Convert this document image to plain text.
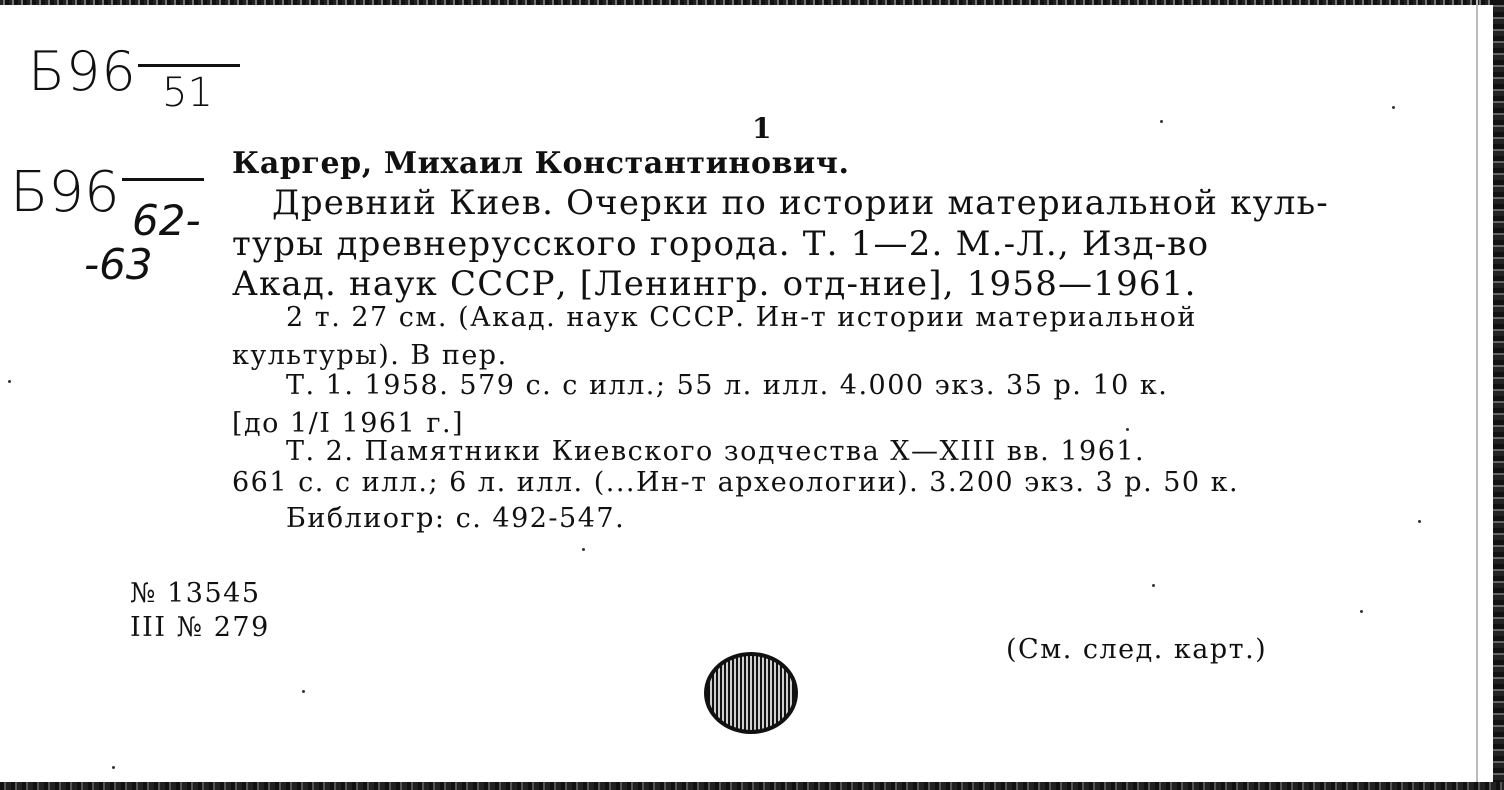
Б96 51
Б96 62-
-63
1
Каргер, Михаил Константинович.
Древний Киев. Очерки по истории материальной куль-
туры древнерусского города. Т. 1—2. М.-Л., Изд-во
Акад. наук СССР, [Ленингр. отд-ние], 1958—1961.
2 т. 27 см. (Акад. наук СССР. Ин-т истории материальной
культуры). В пер.
Т. 1. 1958. 579 с. с илл.; 55 л. илл. 4.000 экз. 35 р. 10 к.
[до 1/I 1961 г.]
Т. 2. Памятники Киевского зодчества X—XIII вв. 1961.
661 с. с илл.; 6 л. илл. (...Ин-т археологии). 3.200 экз. 3 р. 50 к.
Библиогр: с. 492-547.
№ 13545
III № 279
(См. след. карт.)
